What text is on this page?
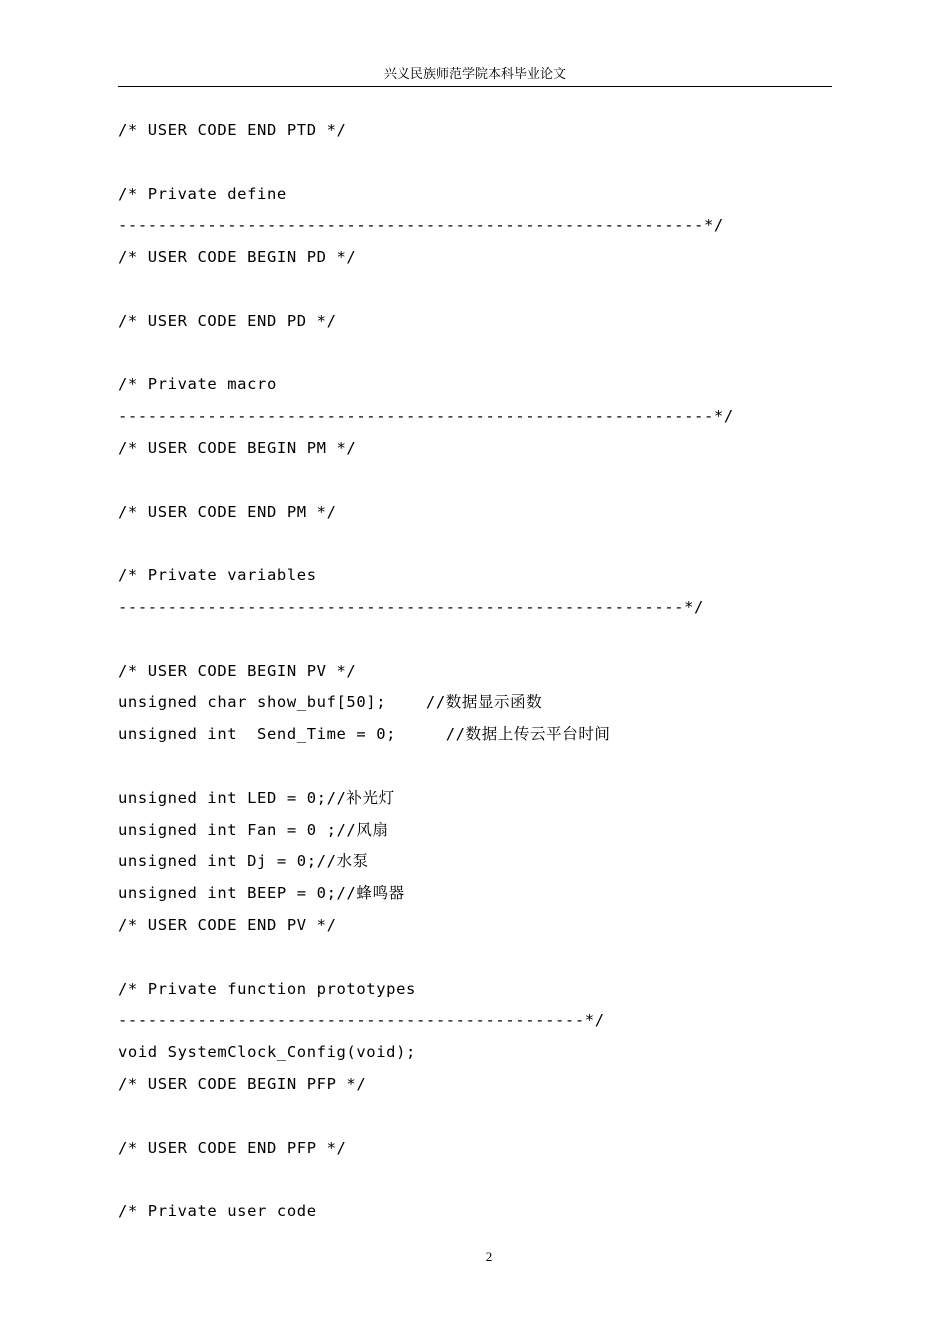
兴义民族师范学院本科毕业论文
/* USER CODE END PTD */
/* Private define
-----------------------------------------------------------*/
/* USER CODE BEGIN PD */
/* USER CODE END PD */
/* Private macro
------------------------------------------------------------*/
/* USER CODE BEGIN PM */
/* USER CODE END PM */
/* Private variables
---------------------------------------------------------*/
/* USER CODE BEGIN PV */
unsigned char show_buf[50];    //数据显示函数
unsigned int  Send_Time = 0;     //数据上传云平台时间
unsigned int LED = 0;//补光灯
unsigned int Fan = 0 ;//风扇
unsigned int Dj = 0;//水泵
unsigned int BEEP = 0;//蜂鸣器
/* USER CODE END PV */
/* Private function prototypes
-----------------------------------------------*/
void SystemClock_Config(void);
/* USER CODE BEGIN PFP */
/* USER CODE END PFP */
/* Private user code
2
